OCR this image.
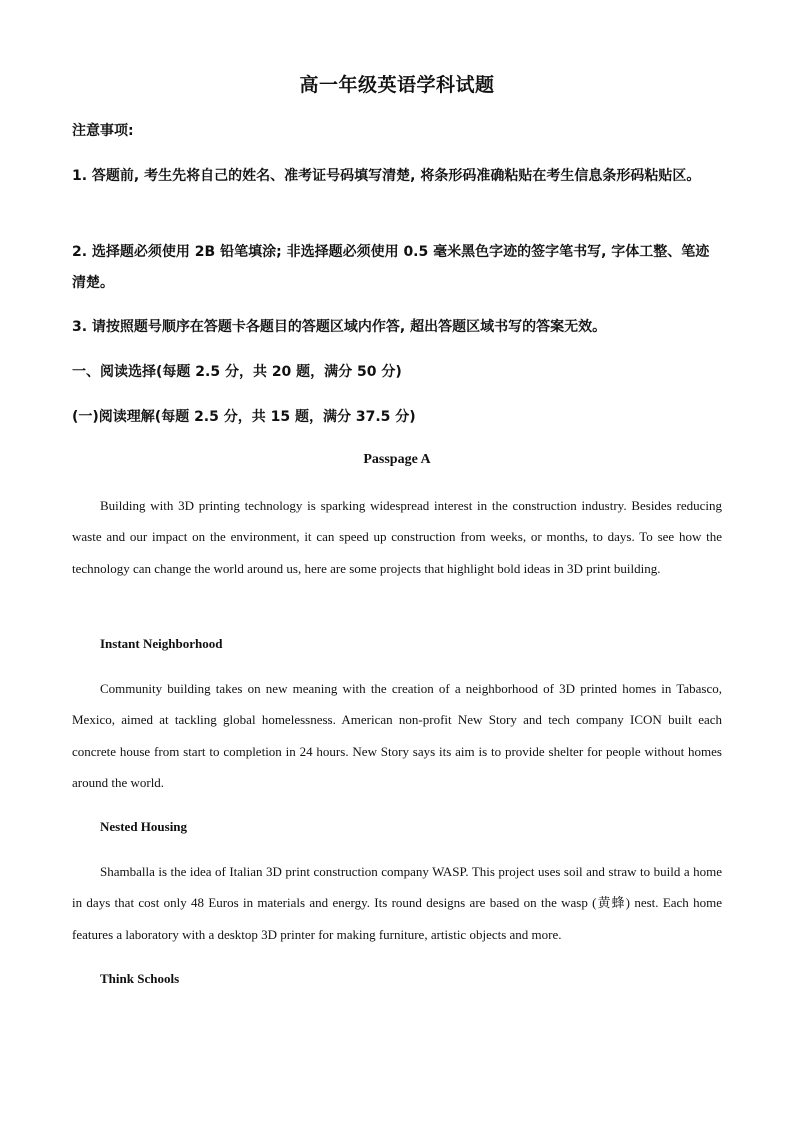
高一年级英语学科试题
注意事项:
1. 答题前, 考生先将自己的姓名、准考证号码填写清楚, 将条形码准确粘贴在考生信息条形码粘贴区。
2. 选择题必须使用 2B 铅笔填涂; 非选择题必须使用 0.5 毫米黑色字迹的签字笔书写, 字体工整、笔迹清楚。
3. 请按照题号顺序在答题卡各题目的答题区域内作答, 超出答题区域书写的答案无效。
一、阅读选择(每题 2.5 分，共 20 题，满分 50 分)
(一)阅读理解(每题 2.5 分，共 15 题，满分 37.5 分)
Passpage A
Building with 3D printing technology is sparking widespread interest in the construction industry. Besides reducing waste and our impact on the environment, it can speed up construction from weeks, or months, to days. To see how the technology can change the world around us, here are some projects that highlight bold ideas in 3D print building.
Instant Neighborhood
Community building takes on new meaning with the creation of a neighborhood of 3D printed homes in Tabasco, Mexico, aimed at tackling global homelessness. American non-profit New Story and tech company ICON built each concrete house from start to completion in 24 hours. New Story says its aim is to provide shelter for people without homes around the world.
Nested Housing
Shamballa is the idea of Italian 3D print construction company WASP. This project uses soil and straw to build a home in days that cost only 48 Euros in materials and energy. Its round designs are based on the wasp (黄蜂) nest. Each home features a laboratory with a desktop 3D printer for making furniture, artistic objects and more.
Think Schools
